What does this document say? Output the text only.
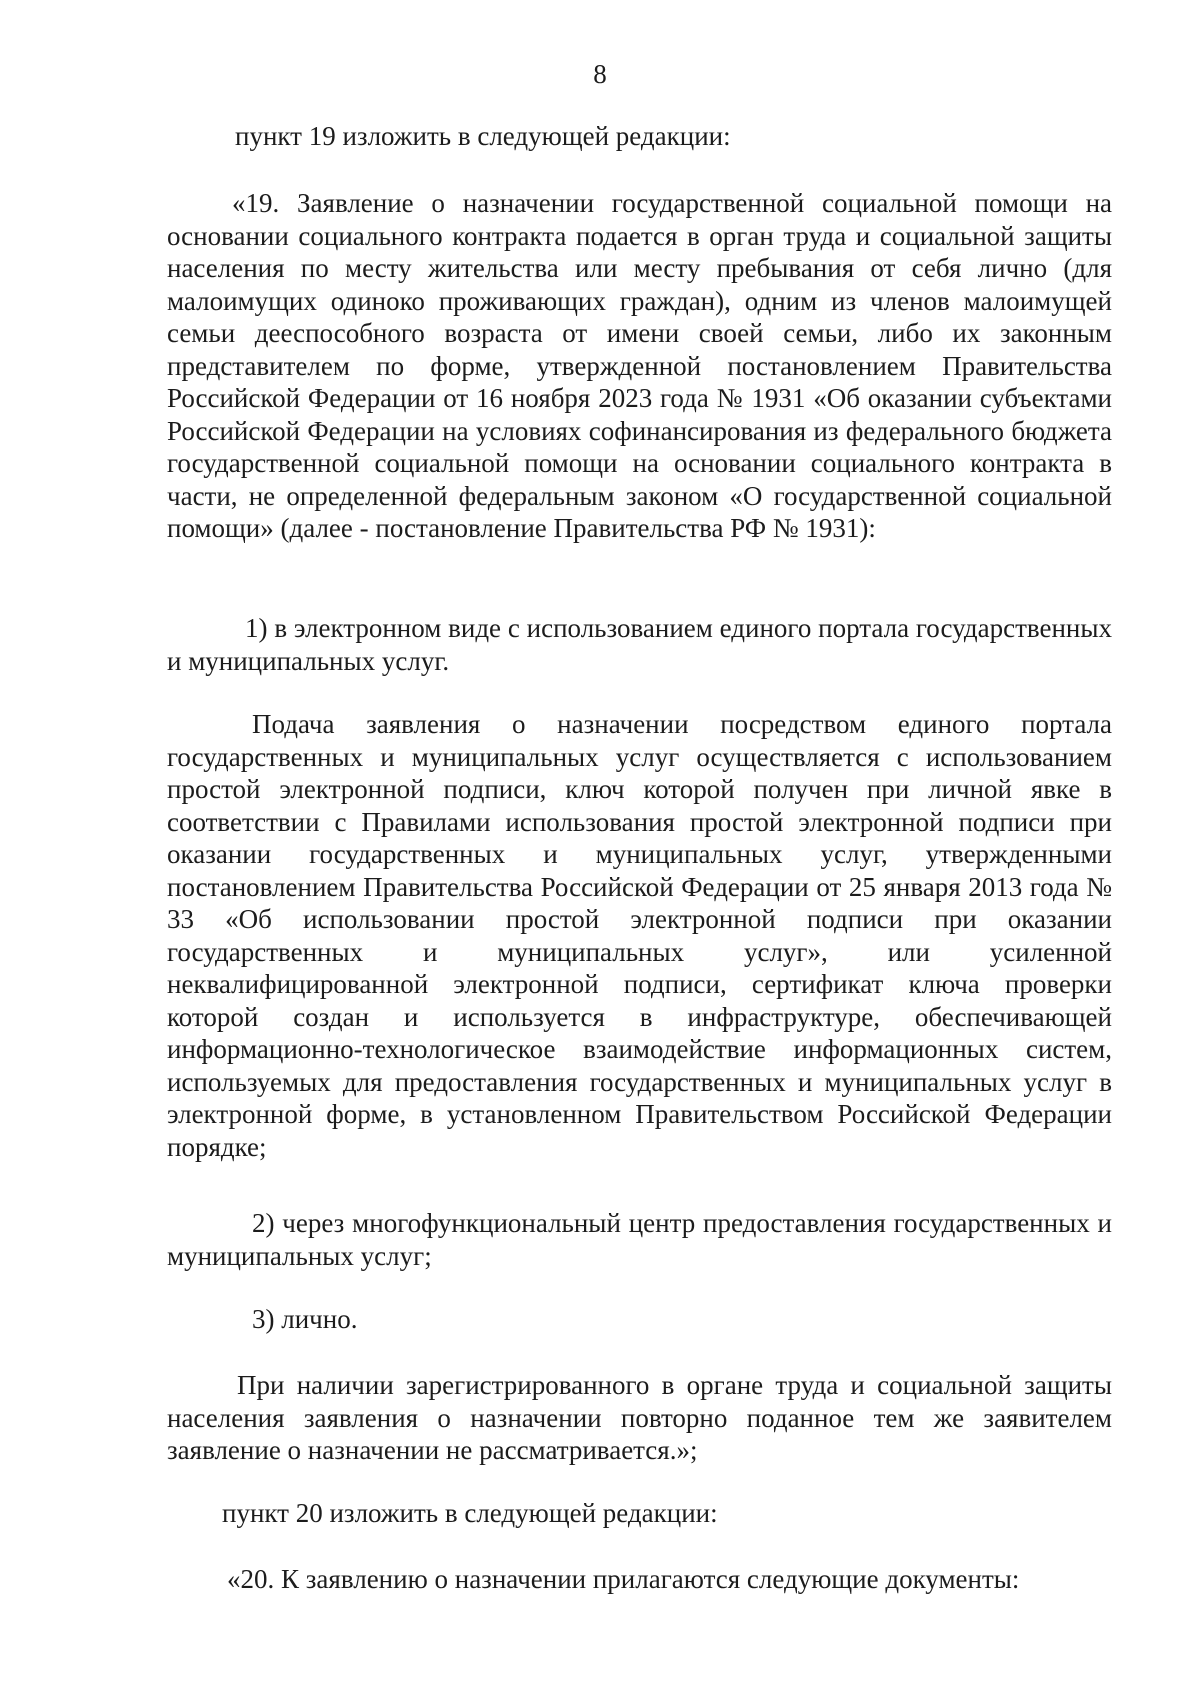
8

пункт 19 изложить в следующей редакции:

«19. Заявление о назначении государственной социальной помощи на основании социального контракта подается в орган труда и социальной защиты населения по месту жительства или месту пребывания от себя лично (для малоимущих одиноко проживающих граждан), одним из членов малоимущей семьи дееспособного возраста от имени своей семьи, либо их законным представителем по форме, утвержденной постановлением Правительства Российской Федерации от 16 ноября 2023 года № 1931 «Об оказании субъектами Российской Федерации на условиях софинансирования из федерального бюджета государственной социальной помощи на основании социального контракта в части, не определенной федеральным законом «О государственной социальной помощи» (далее - постановление Правительства РФ № 1931):

1) в электронном виде с использованием единого портала государственных и муниципальных услуг.

Подача заявления о назначении посредством единого портала государственных и муниципальных услуг осуществляется с использованием простой электронной подписи, ключ которой получен при личной явке в соответствии с Правилами использования простой электронной подписи при оказании государственных и муниципальных услуг, утвержденными постановлением Правительства Российской Федерации от 25 января 2013 года № 33 «Об использовании простой электронной подписи при оказании государственных и муниципальных услуг», или усиленной неквалифицированной электронной подписи, сертификат ключа проверки которой создан и используется в инфраструктуре, обеспечивающей информационно-технологическое взаимодействие информационных систем, используемых для предоставления государственных и муниципальных услуг в электронной форме, в установленном Правительством Российской Федерации порядке;

2) через многофункциональный центр предоставления государственных и муниципальных услуг;

3) лично.

При наличии зарегистрированного в органе труда и социальной защиты населения заявления о назначении повторно поданное тем же заявителем заявление о назначении не рассматривается.»;

пункт 20 изложить в следующей редакции:

«20. К заявлению о назначении прилагаются следующие документы:
